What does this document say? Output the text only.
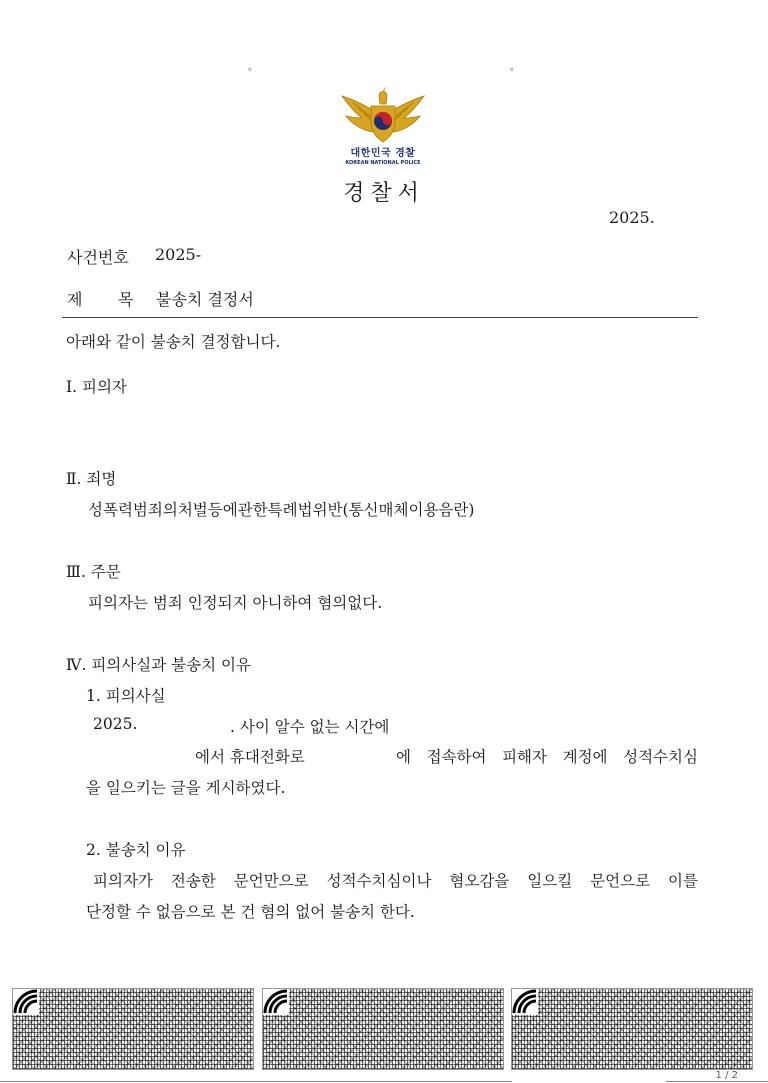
。	。
대한민국 경찰
KOREAN NATIONAL POLICE
경찰서
2025.
사건번호 2025-
제 목 불송치 결정서
아래와 같이 불송치 결정합니다.
Ⅰ. 피의자
Ⅱ. 죄명
성폭력범죄의처벌등에관한특례법위반(통신매체이용음란)
Ⅲ. 주문
피의자는 범죄 인정되지 아니하여 혐의없다.
Ⅳ. 피의사실과 불송치 이유
1. 피의사실
2025.	. 사이 알수 없는 시간에
에서 휴대전화로	에 접속하여 피해자 계정에 성적수치심
을 일으키는 글을 게시하였다.
2. 불송치 이유
피의자가 전송한 문언만으로 성적수치심이나 혐오감을 일으킬 문언으로 이를
단정할 수 없음으로 본 건 혐의 없어 불송치 한다.
1 / 2
